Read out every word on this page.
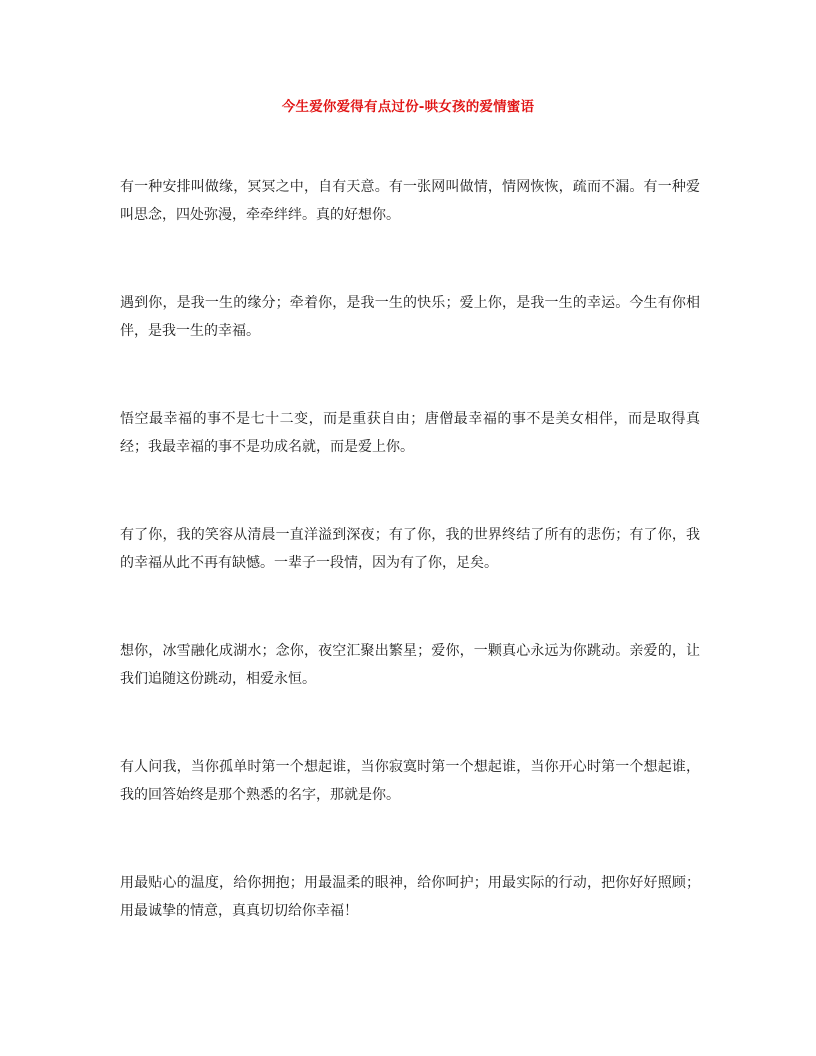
今生爱你爱得有点过份-哄女孩的爱情蜜语

有一种安排叫做缘，冥冥之中，自有天意。有一张网叫做情，情网恢恢，疏而不漏。有一种爱叫思念，四处弥漫，牵牵绊绊。真的好想你。

遇到你，是我一生的缘分；牵着你，是我一生的快乐；爱上你，是我一生的幸运。今生有你相伴，是我一生的幸福。

悟空最幸福的事不是七十二变，而是重获自由；唐僧最幸福的事不是美女相伴，而是取得真经；我最幸福的事不是功成名就，而是爱上你。

有了你，我的笑容从清晨一直洋溢到深夜；有了你，我的世界终结了所有的悲伤；有了你，我的幸福从此不再有缺憾。一辈子一段情，因为有了你，足矣。

想你，冰雪融化成湖水；念你，夜空汇聚出繁星；爱你，一颗真心永远为你跳动。亲爱的，让我们追随这份跳动，相爱永恒。

有人问我，当你孤单时第一个想起谁，当你寂寞时第一个想起谁，当你开心时第一个想起谁，我的回答始终是那个熟悉的名字，那就是你。

用最贴心的温度，给你拥抱；用最温柔的眼神，给你呵护；用最实际的行动，把你好好照顾；用最诚挚的情意，真真切切给你幸福！
